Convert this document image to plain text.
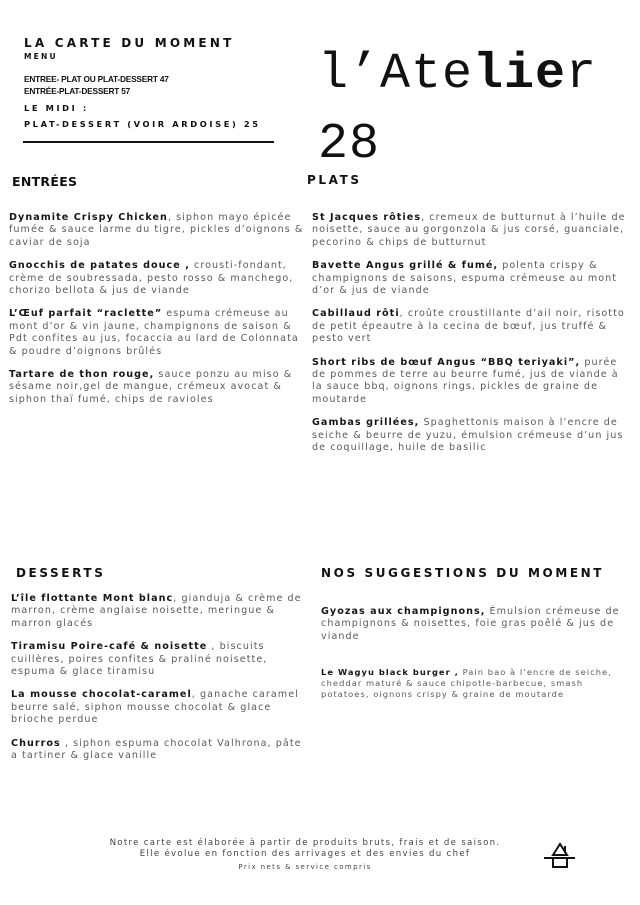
LA CARTE DU MOMENT
MENU
ENTREE- PLAT OU PLAT-DESSERT 47
ENTRÉE-PLAT-DESSERT 57
LE MIDI :
PLAT-DESSERT (VOIR ARDOISE) 25
l’Atelier 28
ENTRÉES
Dynamite Crispy Chicken, siphon mayo épicée fumée & sauce larme du tigre, pickles d’oignons & caviar de soja
Gnocchis de patates douce , crousti-fondant, crème de soubressada, pesto rosso & manchego, chorizo bellota & jus de viande
L’Œuf parfait “raclette” espuma crémeuse au mont d’or & vin jaune, champignons de saison & Pdt confites au jus, focaccia au lard de Colonnata & poudre d’oignons brûlés
Tartare de thon rouge, sauce ponzu au miso & sésame noir,gel de mangue, crémeux avocat & siphon thaï fumé, chips de ravioles
PLATS
St Jacques rôties, cremeux de butturnut à l’huile de noisette, sauce au gorgonzola & jus corsé, guanciale, pecorino & chips de butturnut
Bavette Angus grillé & fumé, polenta crispy & champignons de saisons, espuma crémeuse au mont d’or & jus de viande
Cabillaud rôti, croûte croustillante d’ail noir, risotto de petit épeautre à la cecina de bœuf, jus truffé & pesto vert
Short ribs de bœuf Angus “BBQ teriyaki”, purée de pommes de terre au beurre fumé, jus de viande à la sauce bbq, oignons rings, pickles de graine de moutarde
Gambas grillées, Spaghettonis maison à l’encre de seiche & beurre de yuzu, émulsion crémeuse d’un jus de coquillage, huile de basilic
DESSERTS
L’île flottante Mont blanc, gianduja & crème de marron, crème anglaise noisette, meringue & marron glacés
Tiramisu Poire-café & noisette , biscuits cuillères, poires confites & praliné noisette, espuma & glace tiramisu
La mousse chocolat-caramel, ganache caramel beurre salé, siphon mousse chocolat & glace brioche perdue
Churros , siphon espuma chocolat Valhrona, pâte a tartiner & glace vanille
NOS SUGGESTIONS DU MOMENT
Gyozas aux champignons, Émulsion crémeuse de champignons & noisettes, foie gras poêlé & jus de viande
Le Wagyu black burger , Pain bao à l’encre de seiche, cheddar maturé & sauce chipotle-barbecue, smash potatoes, oignons crispy & graine de moutarde
Notre carte est élaborée à partir de produits bruts, frais et de saison.
Elle évolue en fonction des arrivages et des envies du chef
Prix nets & service compris
